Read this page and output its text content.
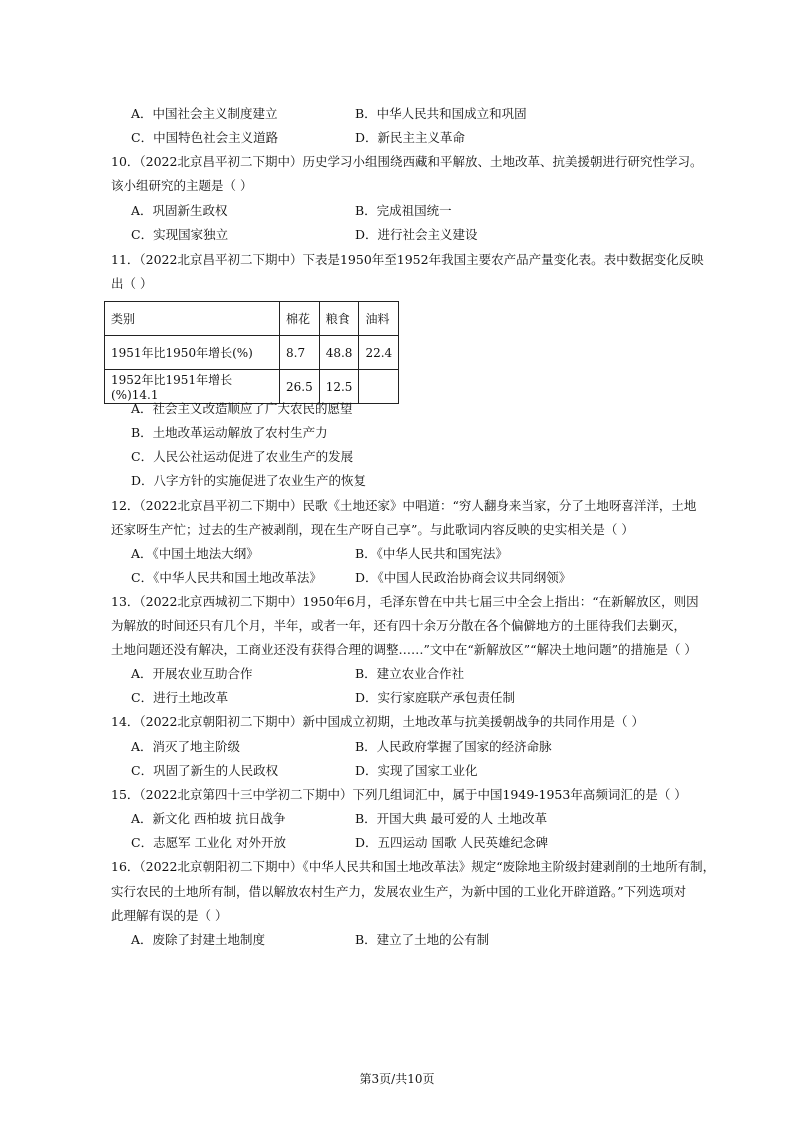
A．中国社会主义制度建立	B．中华人民共和国成立和巩固
C．中国特色社会主义道路	D．新民主主义革命
10．（2022北京昌平初二下期中）历史学习小组围绕西藏和平解放、土地改革、抗美援朝进行研究性学习。
该小组研究的主题是（ ）
A．巩固新生政权	B．完成祖国统一
C．实现国家独立	D．进行社会主义建设
11．（2022北京昌平初二下期中）下表是1950年至1952年我国主要农产品产量变化表。表中数据变化反映
出（ ）
类别	棉花	粮食	油料
1951年比1950年增长(%)	8.7	48.8	22.4
1952年比1951年增长(%)14.1	26.5	12.5	
A．社会主义改造顺应了广大农民的愿望
B．土地改革运动解放了农村生产力
C．人民公社运动促进了农业生产的发展
D．八字方针的实施促进了农业生产的恢复
12．（2022北京昌平初二下期中）民歌《土地还家》中唱道：“穷人翻身来当家，分了土地呀喜洋洋，土地
还家呀生产忙；过去的生产被剥削，现在生产呀自己享”。与此歌词内容反映的史实相关是（ ）
A．《中国土地法大纲》	B．《中华人民共和国宪法》
C．《中华人民共和国土地改革法》	D．《中国人民政治协商会议共同纲领》
13．（2022北京西城初二下期中）1950年6月，毛泽东曾在中共七届三中全会上指出：“在新解放区，则因
为解放的时间还只有几个月，半年，或者一年，还有四十余万分散在各个偏僻地方的土匪待我们去剿灭，
土地问题还没有解决，工商业还没有获得合理的调整……”文中在“新解放区”“解决土地问题”的措施是（ ）
A．开展农业互助合作	B．建立农业合作社
C．进行土地改革	D．实行家庭联产承包责任制
14．（2022北京朝阳初二下期中）新中国成立初期，土地改革与抗美援朝战争的共同作用是（ ）
A．消灭了地主阶级	B．人民政府掌握了国家的经济命脉
C．巩固了新生的人民政权	D．实现了国家工业化
15．（2022北京第四十三中学初二下期中）下列几组词汇中，属于中国1949-1953年高频词汇的是（ ）
A．新文化 西柏坡 抗日战争	B．开国大典 最可爱的人 土地改革
C．志愿军 工业化 对外开放	D．五四运动 国歌 人民英雄纪念碑
16．（2022北京朝阳初二下期中）《中华人民共和国土地改革法》规定“废除地主阶级封建剥削的土地所有制，
实行农民的土地所有制，借以解放农村生产力，发展农业生产，为新中国的工业化开辟道路。”下列选项对
此理解有误的是（ ）
A．废除了封建土地制度	B．建立了土地的公有制
第3页/共10页
